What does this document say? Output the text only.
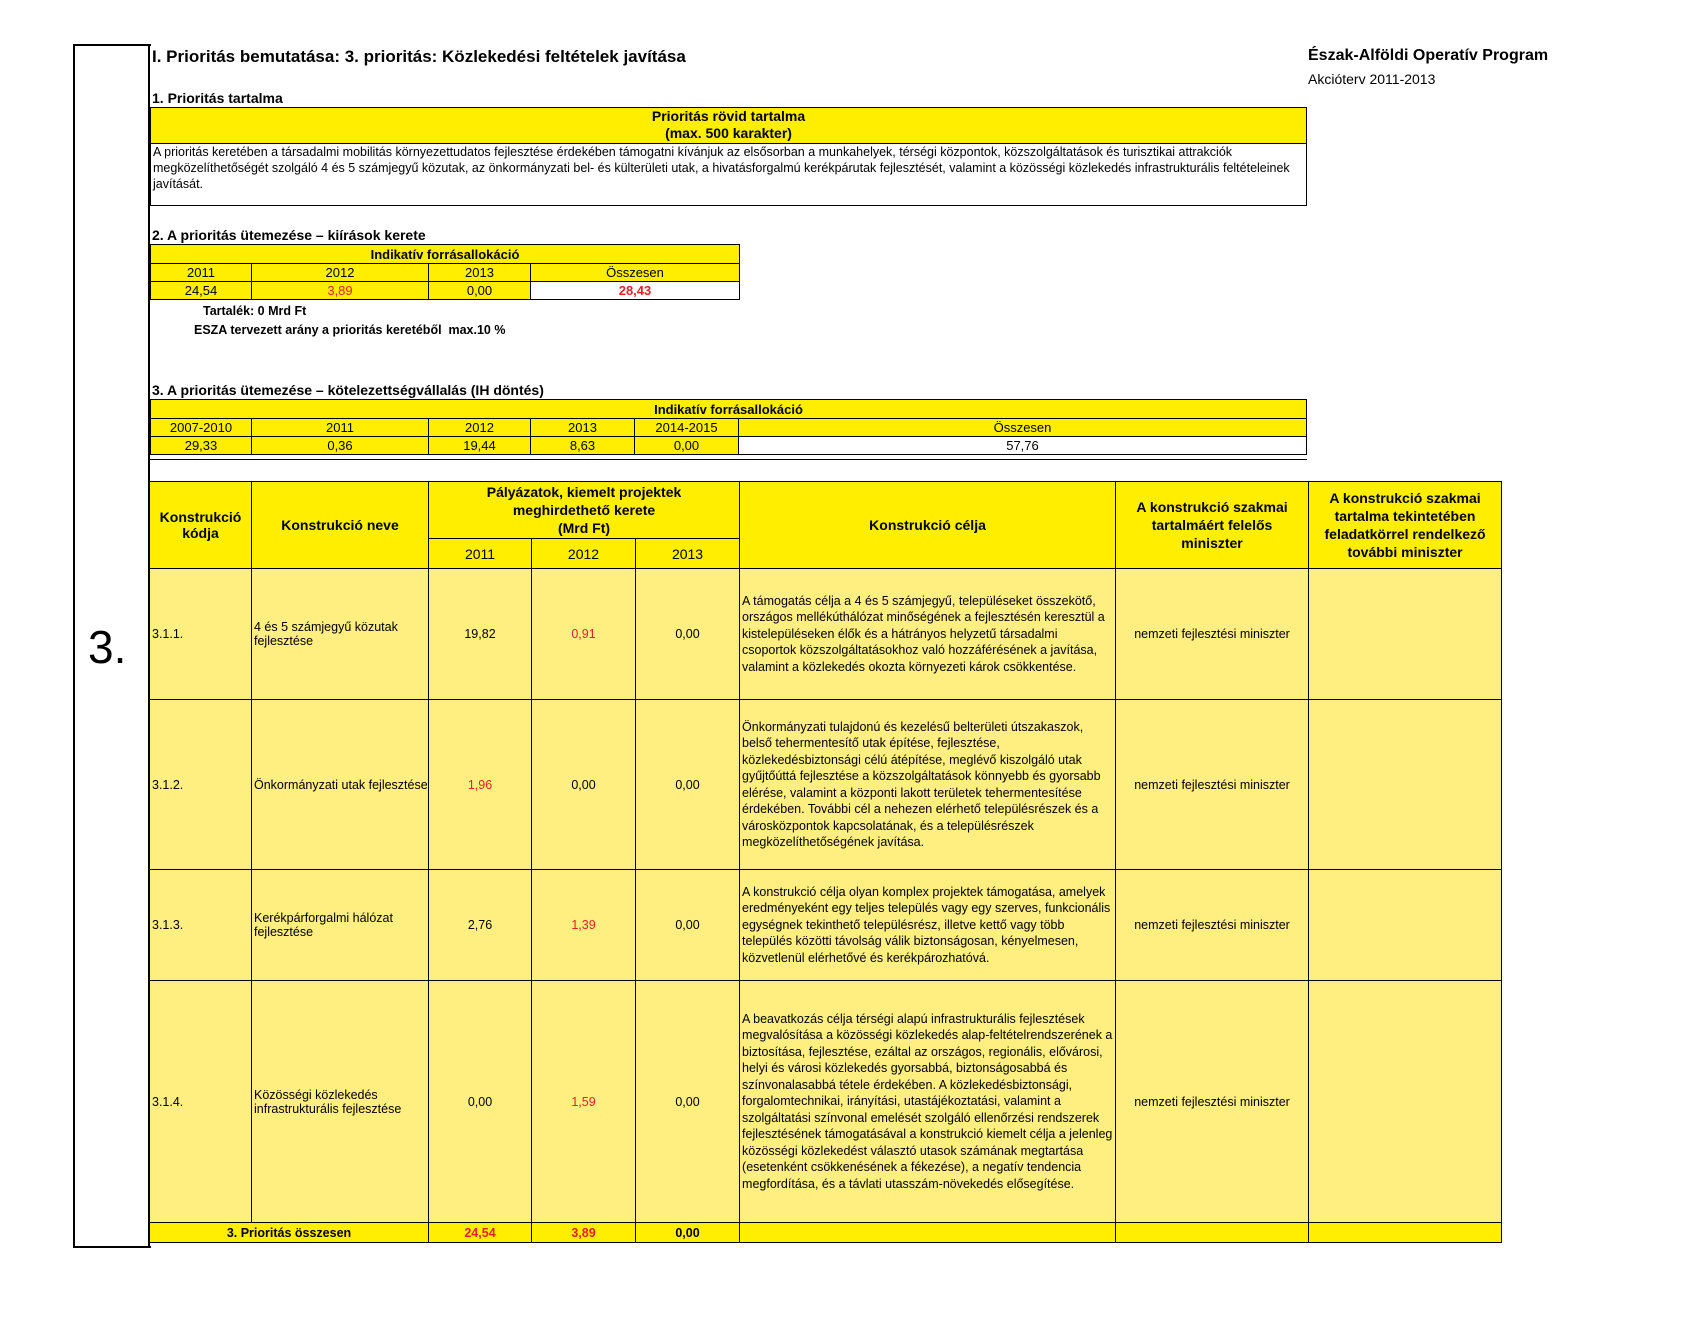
3.
I. Prioritás bemutatása: 3. prioritás: Közlekedési feltételek javítása	Észak-Alföldi Operatív Program
Akcióterv 2011-2013
1. Prioritás tartalma
Prioritás rövid tartalma
(max. 500 karakter)
A prioritás keretében a társadalmi mobilitás környezettudatos fejlesztése érdekében támogatni kívánjuk az elsősorban a munkahelyek, térségi központok, közszolgáltatások és turisztikai attrakciók megközelíthetőségét szolgáló 4 és 5 számjegyű közutak, az önkormányzati bel- és külterületi utak, a hivatásforgalmú kerékpárutak fejlesztését, valamint a közösségi közlekedés infrastrukturális feltételeinek javítását.
2. A prioritás ütemezése – kiírások kerete
Indikatív forrásallokáció			
2011	2012	2013	Összesen
24,54	3,89	0,00	28,43
Tartalék: 0 Mrd Ft
ESZA tervezett arány a prioritás keretéből  max.10 %
3. A prioritás ütemezése – kötelezettségvállalás (IH döntés)
Indikatív forrásallokáció					
2007-2010	2011	2012	2013	2014-2015	Összesen
29,33	0,36	19,44	8,63	0,00	57,76
Konstrukció kódja	Konstrukció neve	Pályázatok, kiemelt projektek
meghirdethető kerete
(Mrd Ft)			Konstrukció célja	A konstrukció szakmai tartalmáért felelős miniszter	A konstrukció szakmai tartalma tekintetében feladatkörrel rendelkező további miniszter
		2011	2012	2013			
3.1.1.	4 és 5 számjegyű közutak fejlesztése	19,82	0,91	0,00	A támogatás célja a 4 és 5 számjegyű, településeket összekötő, országos mellékúthálózat minőségének a fejlesztésén keresztül a kistelepüléseken élők és a hátrányos helyzetű társadalmi csoportok közszolgáltatásokhoz való hozzáférésének a javítása, valamint a közlekedés okozta környezeti károk csökkentése.	nemzeti fejlesztési miniszter	
3.1.2.	Önkormányzati utak fejlesztése	1,96	0,00	0,00	Önkormányzati tulajdonú és kezelésű belterületi útszakaszok, belső tehermentesítő utak építése, fejlesztése, közlekedésbiztonsági célú átépítése, meglévő kiszolgáló utak gyűjtőúttá fejlesztése a közszolgáltatások könnyebb és gyorsabb elérése, valamint a központi lakott területek tehermentesítése érdekében. További cél a nehezen elérhető településrészek és a városközpontok kapcsolatának, és a településrészek megközelíthetőségének javítása.	nemzeti fejlesztési miniszter	
3.1.3.	Kerékpárforgalmi hálózat fejlesztése	2,76	1,39	0,00	A konstrukció célja olyan komplex projektek támogatása, amelyek eredményeként egy teljes település vagy egy szerves, funkcionális egységnek tekinthető településrész, illetve kettő vagy több település közötti távolság válik biztonságosan, kényelmesen, közvetlenül elérhetővé és kerékpározhatóvá.	nemzeti fejlesztési miniszter	
3.1.4.	Közösségi közlekedés infrastrukturális fejlesztése	0,00	1,59	0,00	A beavatkozás célja térségi alapú infrastrukturális fejlesztések megvalósítása a közösségi közlekedés alap-feltételrendszerének a biztosítása, fejlesztése, ezáltal az országos, regionális, elővárosi, helyi és városi közlekedés gyorsabbá, biztonságosabbá és színvonalasabbá tétele érdekében. A közlekedésbiztonsági, forgalomtechnikai, irányítási, utastájékoztatási, valamint a szolgáltatási színvonal emelését szolgáló ellenőrzési rendszerek fejlesztésének támogatásával a konstrukció kiemelt célja a jelenleg közösségi közlekedést választó utasok számának megtartása (esetenként csökkenésének a fékezése), a negatív tendencia megfordítása, és a távlati utasszám-növekedés elősegítése.	nemzeti fejlesztési miniszter	
3. Prioritás összesen		24,54	3,89	0,00			
